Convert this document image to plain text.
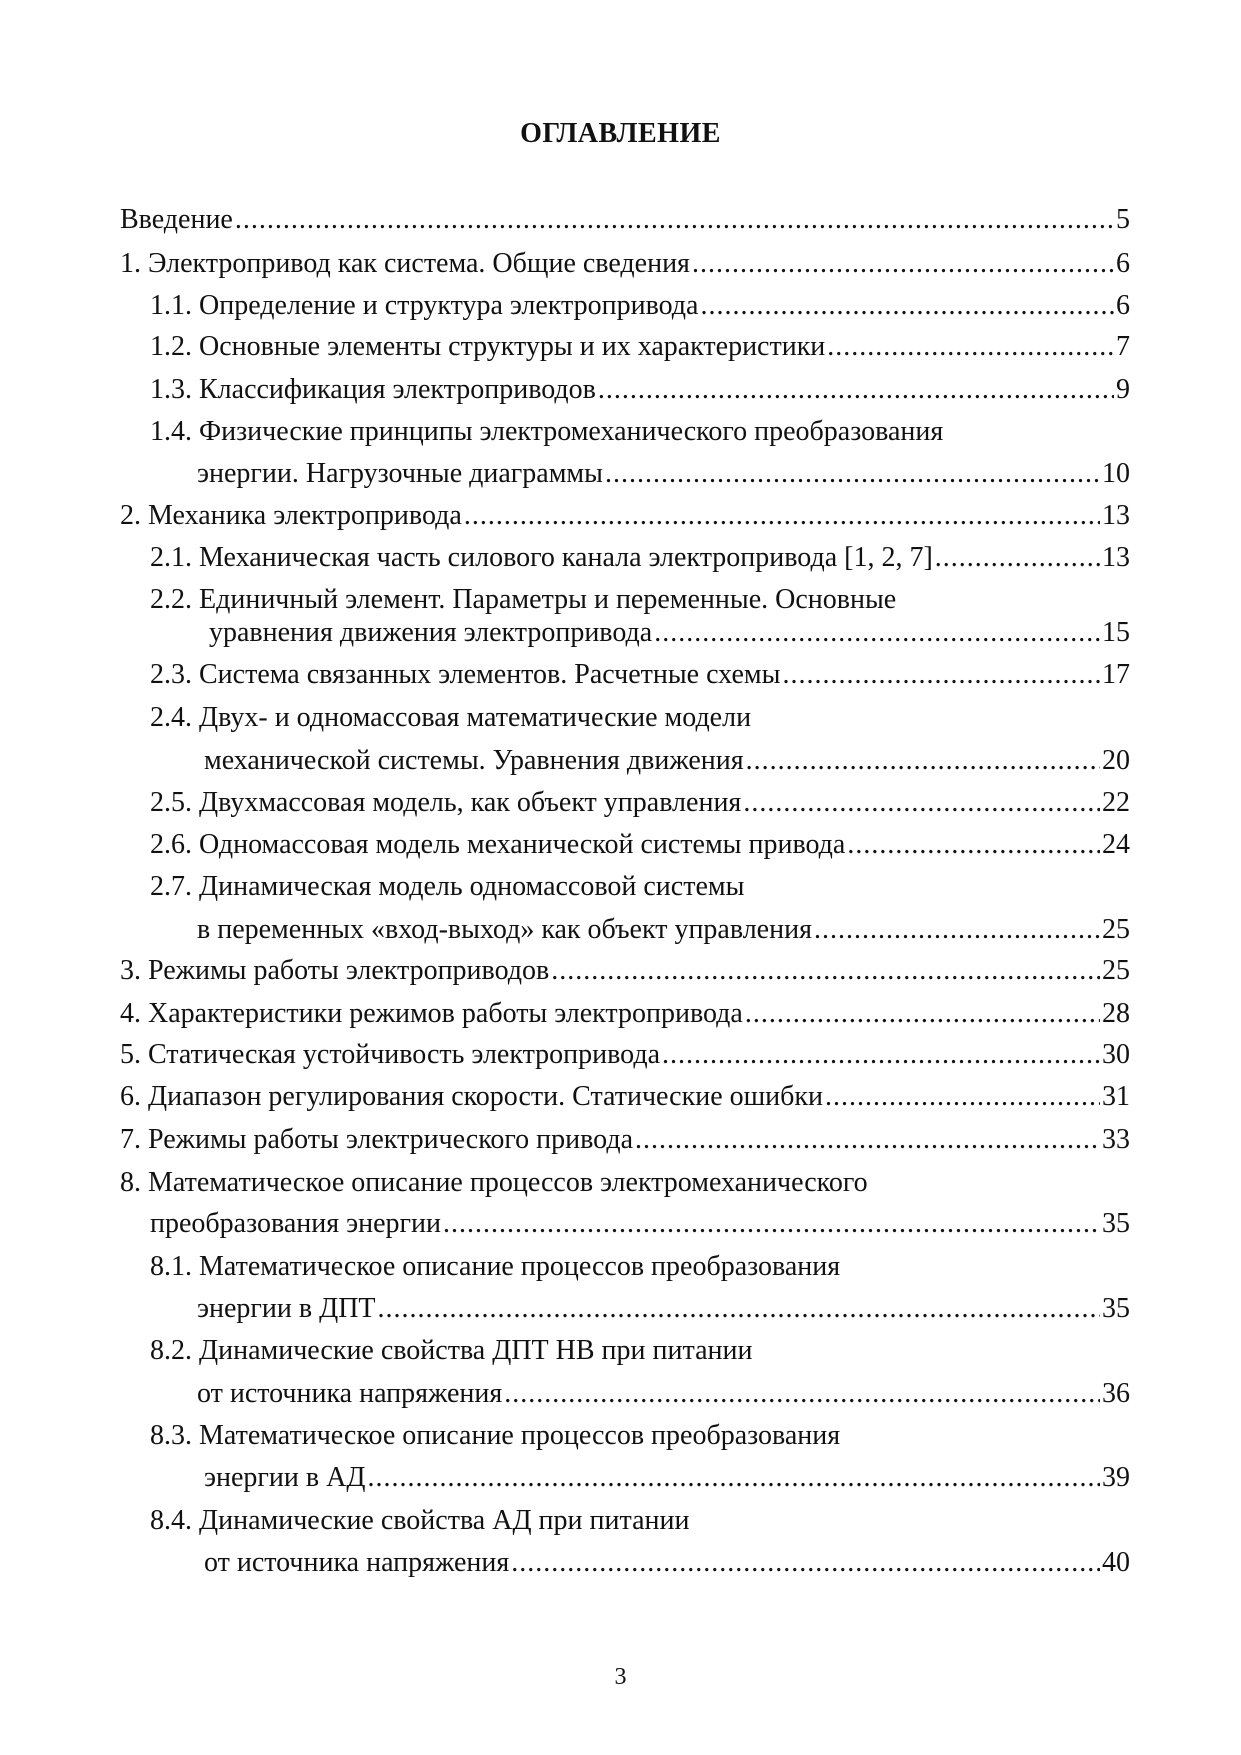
ОГЛАВЛЕНИЕ
Введение .....	5
1. Электропривод как система. Общие сведения .....	6
1.1. Определение и структура электропривода .....	6
1.2. Основные элементы структуры и их характеристики .....	7
1.3. Классификация электроприводов .....	9
1.4. Физические принципы электромеханического преобразования
энергии. Нагрузочные диаграммы .....	10
2. Механика электропривода .....	13
2.1. Механическая часть силового канала электропривода [1, 2, 7] .....	13
2.2. Единичный элемент. Параметры и переменные. Основные
уравнения движения электропривода .....	15
2.3. Система связанных элементов. Расчетные схемы .....	17
2.4. Двух- и одномассовая математические модели
механической системы. Уравнения движения .....	20
2.5. Двухмассовая модель, как объект управления .....	22
2.6. Одномассовая модель механической системы привода .....	24
2.7. Динамическая модель одномассовой системы
в переменных «вход-выход» как объект управления .....	25
3. Режимы работы электроприводов .....	25
4. Характеристики режимов работы электропривода .....	28
5. Статическая устойчивость электропривода .....	30
6. Диапазон регулирования скорости. Статические ошибки .....	31
7. Режимы работы электрического привода .....	33
8. Математическое описание процессов электромеханического
преобразования энергии .....	35
8.1. Математическое описание процессов преобразования
энергии в ДПТ .....	35
8.2. Динамические свойства ДПТ НВ при питании
от источника напряжения .....	36
8.3. Математическое описание процессов преобразования
энергии в АД .....	39
8.4. Динамические свойства АД при питании
от источника напряжения .....	40
3
